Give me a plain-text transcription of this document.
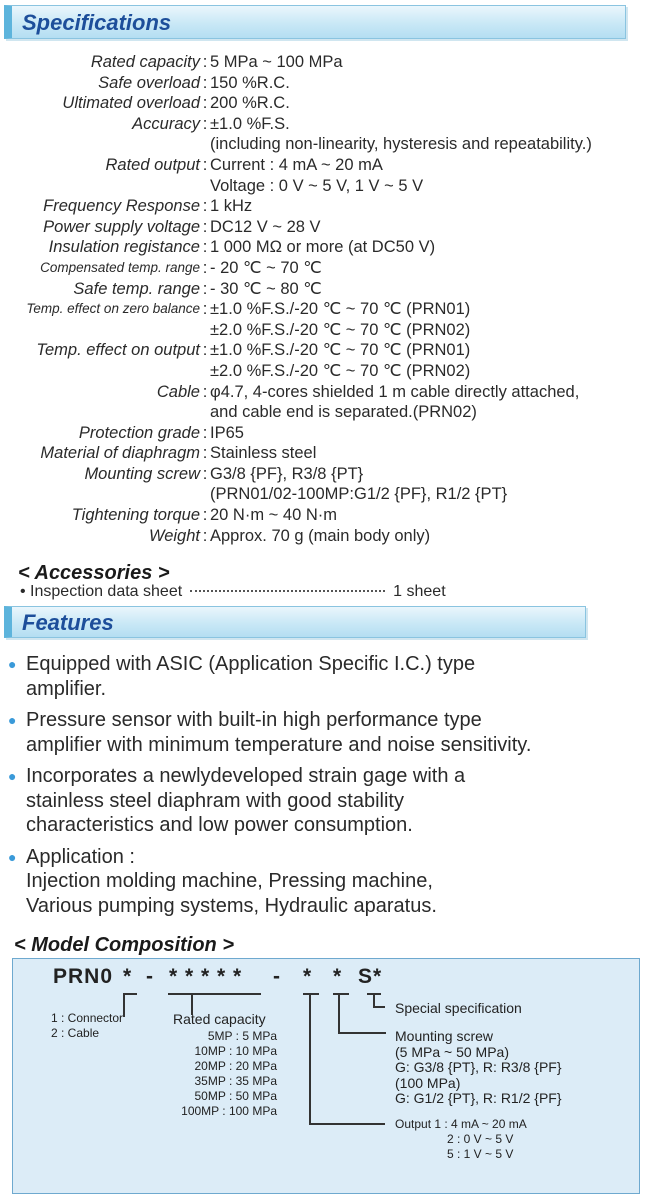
Specifications
Rated capacity : 5 MPa ~ 100 MPa
Safe overload : 150 %R.C.
Ultimated overload : 200 %R.C.
Accuracy : ±1.0 %F.S.
(including non-linearity, hysteresis and repeatability.)
Rated output : Current : 4 mA ~ 20 mA
Voltage : 0 V ~ 5 V, 1 V ~ 5 V
Frequency Response : 1 kHz
Power supply voltage : DC12 V ~ 28 V
Insulation registance : 1 000 MΩ or more (at DC50 V)
Compensated temp. range : - 20 ℃ ~ 70 ℃
Safe temp. range : - 30 ℃ ~ 80 ℃
Temp. effect on zero balance : ±1.0 %F.S./-20 ℃ ~ 70 ℃ (PRN01)
±2.0 %F.S./-20 ℃ ~ 70 ℃ (PRN02)
Temp. effect on output : ±1.0 %F.S./-20 ℃ ~ 70 ℃ (PRN01)
±2.0 %F.S./-20 ℃ ~ 70 ℃ (PRN02)
Cable : φ4.7, 4-cores shielded 1 m cable directly attached,
and cable end is separated.(PRN02)
Protection grade : IP65
Material of diaphragm : Stainless steel
Mounting screw : G3/8 {PF}, R3/8 {PT}
(PRN01/02-100MP:G1/2 {PF}, R1/2 {PT}
Tightening torque : 20 N·m ~ 40 N·m
Weight : Approx. 70 g (main body only)
< Accessories >
• Inspection data sheet	1 sheet
Features
● Equipped with ASIC (Application Specific I.C.) type
amplifier.
● Pressure sensor with built-in high performance type
amplifier with minimum temperature and noise sensitivity.
● Incorporates a newlydeveloped strain gage with a
stainless steel diaphram with good stability
characteristics and low power consumption.
● Application :
Injection molding machine, Pressing machine,
Various pumping systems, Hydraulic aparatus.
< Model Composition >
PRN0 * - * * * * * - * * S*
1 : Connector
2 : Cable
Rated capacity
5MP : 5 MPa
10MP : 10 MPa
20MP : 20 MPa
35MP : 35 MPa
50MP : 50 MPa
100MP : 100 MPa
Special specification
Mounting screw
(5 MPa ~ 50 MPa)
G: G3/8 {PT}, R: R3/8 {PF}
(100 MPa)
G: G1/2 {PT}, R: R1/2 {PF}
Output 1 : 4 mA ~ 20 mA
2 : 0 V ~ 5 V
5 : 1 V ~ 5 V
